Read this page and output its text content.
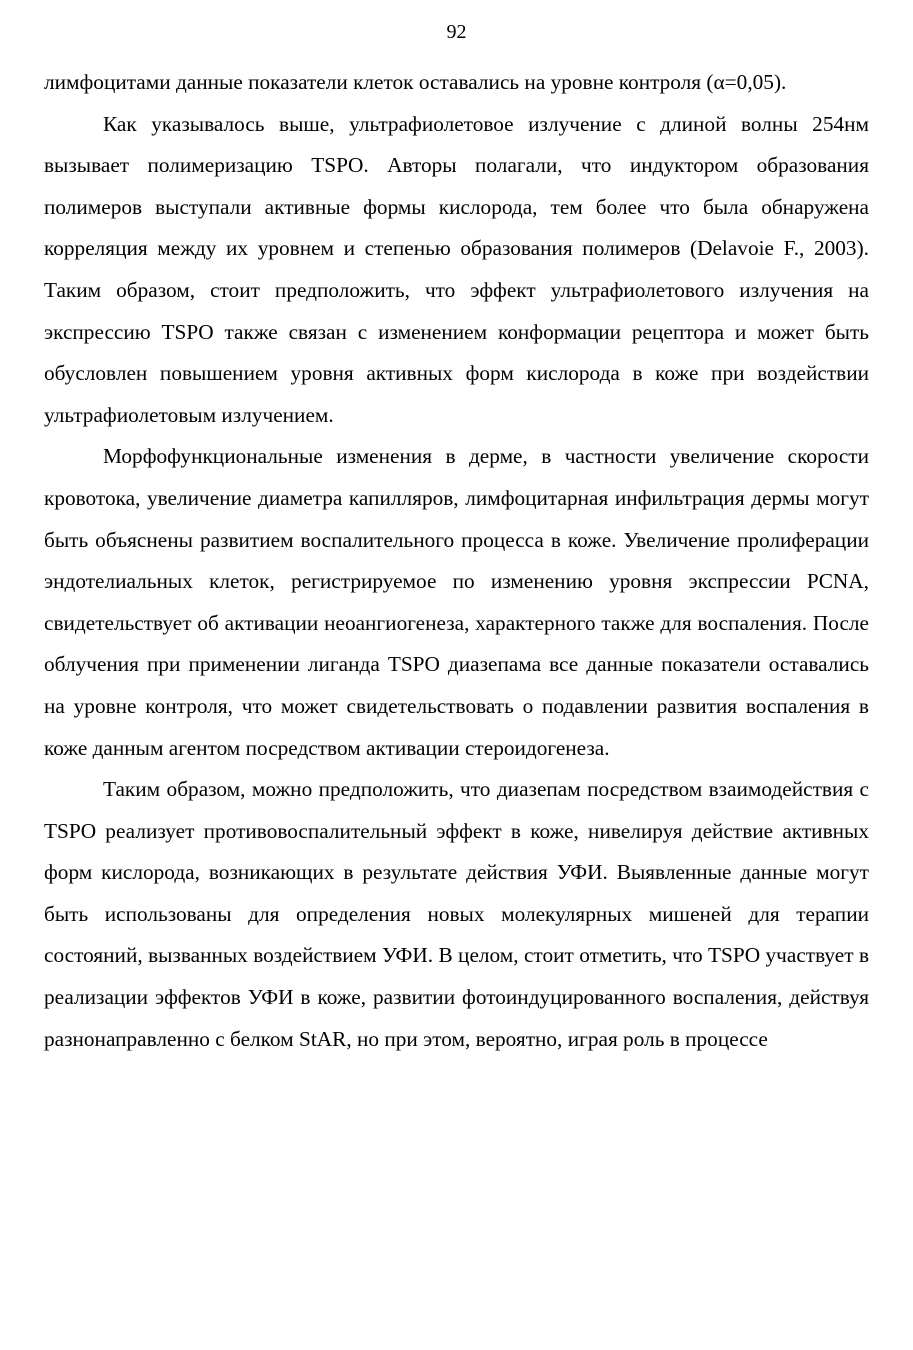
92

лимфоцитами данные показатели клеток оставались на уровне контроля (α=0,05).

Как указывалось выше, ультрафиолетовое излучение с длиной волны 254нм вызывает полимеризацию TSPO. Авторы полагали, что индуктором образования полимеров выступали активные формы кислорода, тем более что была обнаружена корреляция между их уровнем и степенью образования полимеров (Delavoie F., 2003). Таким образом, стоит предположить, что эффект ультрафиолетового излучения на экспрессию TSPO также связан с изменением конформации рецептора и может быть обусловлен повышением уровня активных форм кислорода в коже при воздействии ультрафиолетовым излучением.

Морфофункциональные изменения в дерме, в частности увеличение скорости кровотока, увеличение диаметра капилляров, лимфоцитарная инфильтрация дермы могут быть объяснены развитием воспалительного процесса в коже. Увеличение пролиферации эндотелиальных клеток, регистрируемое по изменению уровня экспрессии PCNA, свидетельствует об активации неоангиогенеза, характерного также для воспаления. После облучения при применении лиганда TSPO диазепама все данные показатели оставались на уровне контроля, что может свидетельствовать о подавлении развития воспаления в коже данным агентом посредством активации стероидогенеза.

Таким образом, можно предположить, что диазепам посредством взаимодействия с TSPO реализует противовоспалительный эффект в коже, нивелируя действие активных форм кислорода, возникающих в результате действия УФИ. Выявленные данные могут быть использованы для определения новых молекулярных мишеней для терапии состояний, вызванных воздействием УФИ. В целом, стоит отметить, что TSPO участвует в реализации эффектов УФИ в коже, развитии фотоиндуцированного воспаления, действуя разнонаправленно с белком StAR, но при этом, вероятно, играя роль в процессе
